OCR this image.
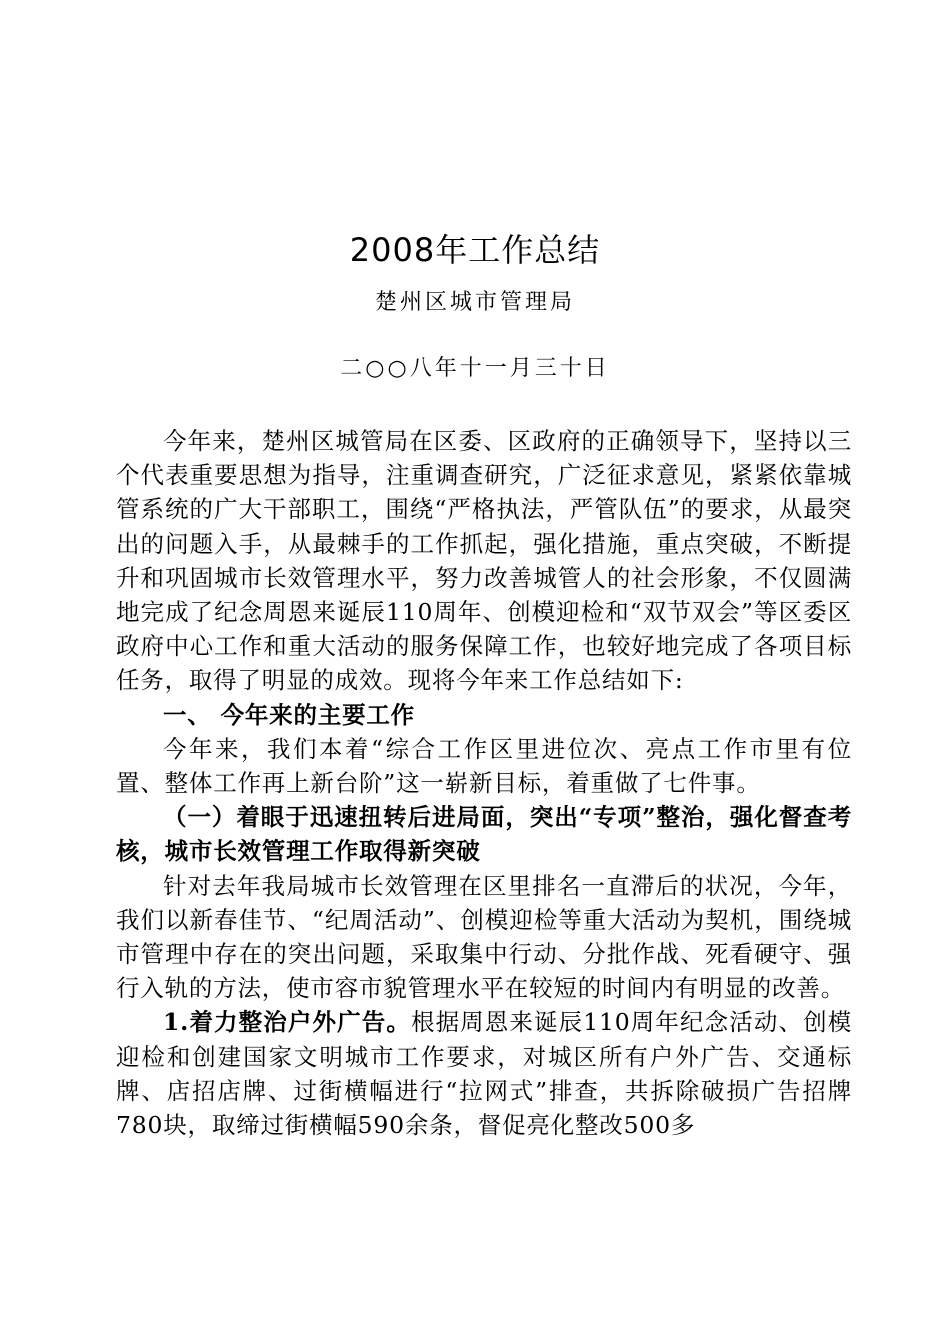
2008年工作总结
楚州区城市管理局
二○○八年十一月三十日

今年来，楚州区城管局在区委、区政府的正确领导下，坚持以三个代表重要思想为指导，注重调查研究，广泛征求意见，紧紧依靠城管系统的广大干部职工，围绕“严格执法，严管队伍”的要求，从最突出的问题入手，从最棘手的工作抓起，强化措施，重点突破，不断提升和巩固城市长效管理水平，努力改善城管人的社会形象，不仅圆满地完成了纪念周恩来诞辰110周年、创模迎检和“双节双会”等区委区政府中心工作和重大活动的服务保障工作，也较好地完成了各项目标任务，取得了明显的成效。现将今年来工作总结如下:

一、 今年来的主要工作

今年来，我们本着“综合工作区里进位次、亮点工作市里有位置、整体工作再上新台阶”这一崭新目标，着重做了七件事。

（一）着眼于迅速扭转后进局面，突出“专项”整治，强化督查考核，城市长效管理工作取得新突破

针对去年我局城市长效管理在区里排名一直滞后的状况，今年，我们以新春佳节、“纪周活动”、创模迎检等重大活动为契机，围绕城市管理中存在的突出问题，采取集中行动、分批作战、死看硬守、强行入轨的方法，使市容市貌管理水平在较短的时间内有明显的改善。

1.着力整治户外广告。根据周恩来诞辰110周年纪念活动、创模迎检和创建国家文明城市工作要求，对城区所有户外广告、交通标牌、店招店牌、过街横幅进行“拉网式”排查，共拆除破损广告招牌780块，取缔过街横幅590余条，督促亮化整改500多
